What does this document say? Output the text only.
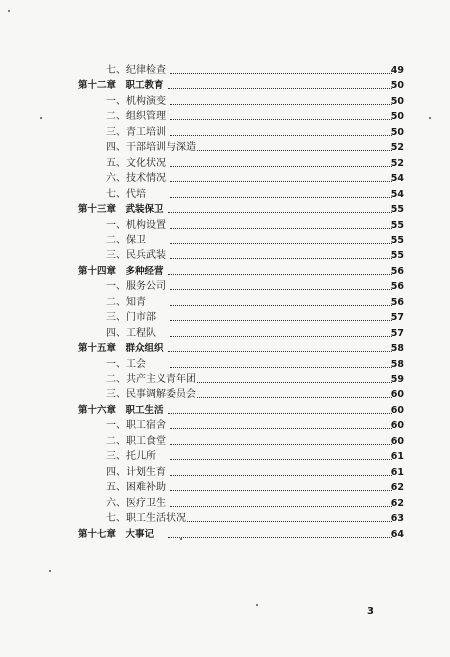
七、纪律检查	49
第十二章　职工教育	50
一、机构演变	50
二、组织管理	50
三、青工培训	50
四、干部培训与深造	52
五、文化状况	52
六、技术情况	54
七、代培	54
第十三章　武装保卫	55
一、机构设置	55
二、保卫	55
三、民兵武装	55
第十四章　多种经营	56
一、服务公司	56
二、知青	56
三、门市部	57
四、工程队	57
第十五章　群众组织	58
一、工会	58
二、共产主义青年团	59
三、民事调解委员会	60
第十六章　职工生活	60
一、职工宿舍	60
二、职工食堂	60
三、托儿所	61
四、计划生育	61
五、困难补助	62
六、医疗卫生	62
七、职工生活状况	63
第十七章　大事记	64
3
